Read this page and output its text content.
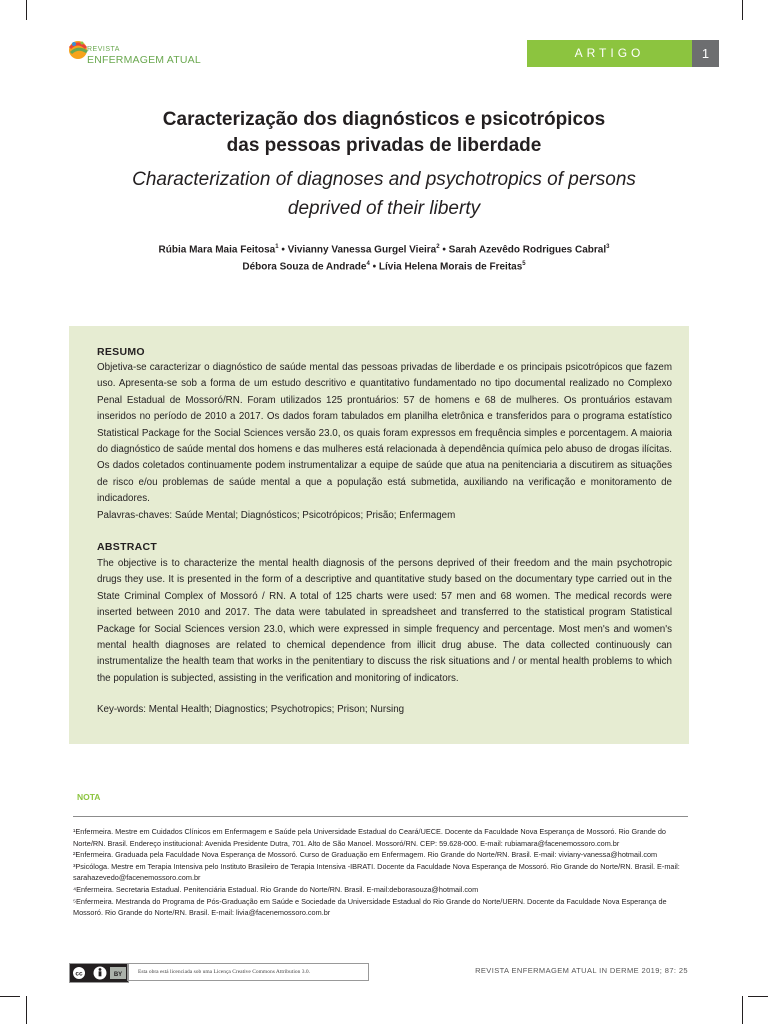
REVISTA
ENFERMAGEM ATUAL	ARTIGO ORIGINAL
1
Caracterização dos diagnósticos e psicotrópicos
das pessoas privadas de liberdade
Characterization of diagnoses and psychotropics of persons
deprived of their liberty
Rúbia Mara Maia Feitosa$^1$ • Vivianny Vanessa Gurgel Vieira$^2$ • Sarah Azevêdo Rodrigues Cabral$^3$
Débora Souza de Andrade$^4$ • Lívia Helena Morais de Freitas$^5$
RESUMO
Objetiva-se caracterizar o diagnóstico de saúde mental das pessoas privadas de liberdade e os principais psicotrópicos que fazem uso. Apresenta-se sob a forma de um estudo descritivo e quantitativo fundamentado no tipo documental realizado no Complexo Penal Estadual de Mossoró/RN. Foram utilizados 125 prontuários: 57 de homens e 68 de mulheres. Os prontuários estavam inseridos no período de 2010 a 2017. Os dados foram tabulados em planilha eletrônica e transferidos para o programa estatístico Statistical Package for the Social Sciences versão 23.0, os quais foram expressos em frequência simples e porcentagem. A maioria do diagnóstico de saúde mental dos homens e das mulheres está relacionada à dependência química pelo abuso de drogas ilícitas. Os dados coletados continuamente podem instrumentalizar a equipe de saúde que atua na penitenciaria a discutirem as situações de risco e/ou problemas de saúde mental a que a população está submetida, auxiliando na verificação e monitoramento de indicadores.
Palavras-chaves: Saúde Mental; Diagnósticos; Psicotrópicos; Prisão; Enfermagem
ABSTRACT
The objective is to characterize the mental health diagnosis of the persons deprived of their freedom and the main psychotropic drugs they use. It is presented in the form of a descriptive and quantitative study based on the documentary type carried out in the State Criminal Complex of Mossoró / RN. A total of 125 charts were used: 57 men and 68 women. The medical records were inserted between 2010 and 2017. The data were tabulated in spreadsheet and transferred to the statistical program Statistical Package for Social Sciences version 23.0, which were expressed in simple frequency and percentage. Most men's and women's mental health diagnoses are related to chemical dependence from illicit drug abuse. The data collected continuously can instrumentalize the health team that works in the penitentiary to discuss the risk situations and / or mental health problems to which the population is subjected, assisting in the verification and monitoring of indicators.
Key-words: Mental Health; Diagnostics; Psychotropics; Prison; Nursing
NOTA

¹Enfermeira. Mestre em Cuidados Clínicos em Enfermagem e Saúde pela Universidade Estadual do Ceará/UECE. Docente da Faculdade Nova Esperança de Mossoró. Rio Grande do Norte/RN. Brasil. Endereço institucional: Avenida Presidente Dutra, 701. Alto de São Manoel. Mossoró/RN. CEP: 59.628-000. E-mail: rubiamara@facenemossoro.com.br

²Enfermeira. Graduada pela Faculdade Nova Esperança de Mossoró. Curso de Graduação em Enfermagem. Rio Grande do Norte/RN. Brasil. E-mail: viviany-vanessa@hotmail.com

³Psicóloga. Mestre em Terapia Intensiva pelo Instituto Brasileiro de Terapia Intensiva -IBRATI. Docente da Faculdade Nova Esperança de Mossoró. Rio Grande do Norte/RN. Brasil. E-mail: sarahazevedo@facenemossoro.com.br

⁴Enfermeira. Secretaria Estadual. Penitenciária Estadual. Rio Grande do Norte/RN. Brasil. E-mail:deborasouza@hotmail.com

⁵Enfermeira. Mestranda do Programa de Pós-Graduação em Saúde e Sociedade da Universidade Estadual do Rio Grande do Norte/UERN. Docente da Faculdade Nova Esperança de Mossoró. Rio Grande do Norte/RN. Brasil. E-mail: livia@facenemossoro.com.br

cc	BY	Esta obra está licenciada sob uma Licença Creative Commons Attribution 3.0.	REVISTA ENFERMAGEM ATUAL IN DERME 2019; 87: 25
